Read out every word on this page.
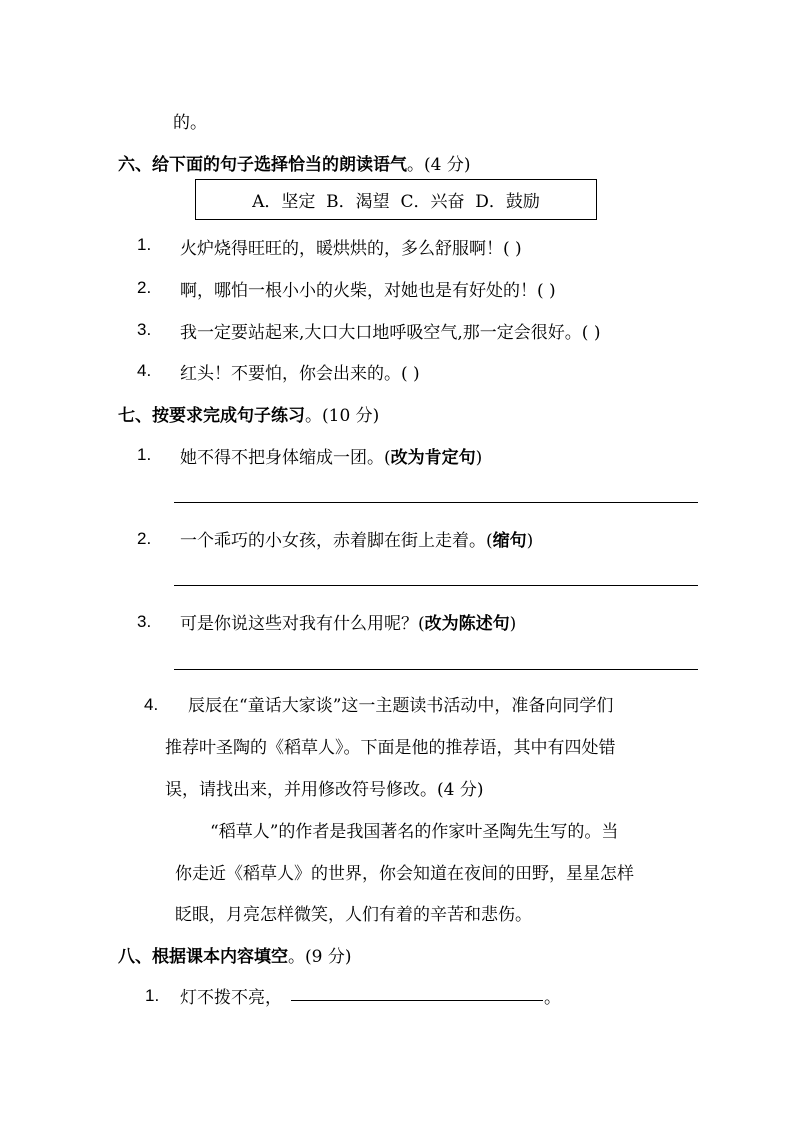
的。
六、给下面的句子选择恰当的朗读语气。(4 分)
A．坚定  B．渴望  C．兴奋  D．鼓励
1. 火炉烧得旺旺的，暖烘烘的，多么舒服啊！( )
2. 啊，哪怕一根小小的火柴，对她也是有好处的！( )
3. 我一定要站起来,大口大口地呼吸空气,那一定会很好。( )
4. 红头！不要怕，你会出来的。( )
七、按要求完成句子练习。(10 分)
1. 她不得不把身体缩成一团。(改为肯定句)
2. 一个乖巧的小女孩，赤着脚在街上走着。(缩句)
3. 可是你说这些对我有什么用呢？(改为陈述句)
4. 辰辰在“童话大家谈”这一主题读书活动中，准备向同学们
推荐叶圣陶的《稻草人》。下面是他的推荐语，其中有四处错
误，请找出来，并用修改符号修改。(4 分)
“稻草人”的作者是我国著名的作家叶圣陶先生写的。当
你走近《稻草人》的世界，你会知道在夜间的田野，星星怎样
眨眼，月亮怎样微笑，人们有着的辛苦和悲伤。
八、根据课本内容填空。(9 分)
1. 灯不拨不亮，	。
